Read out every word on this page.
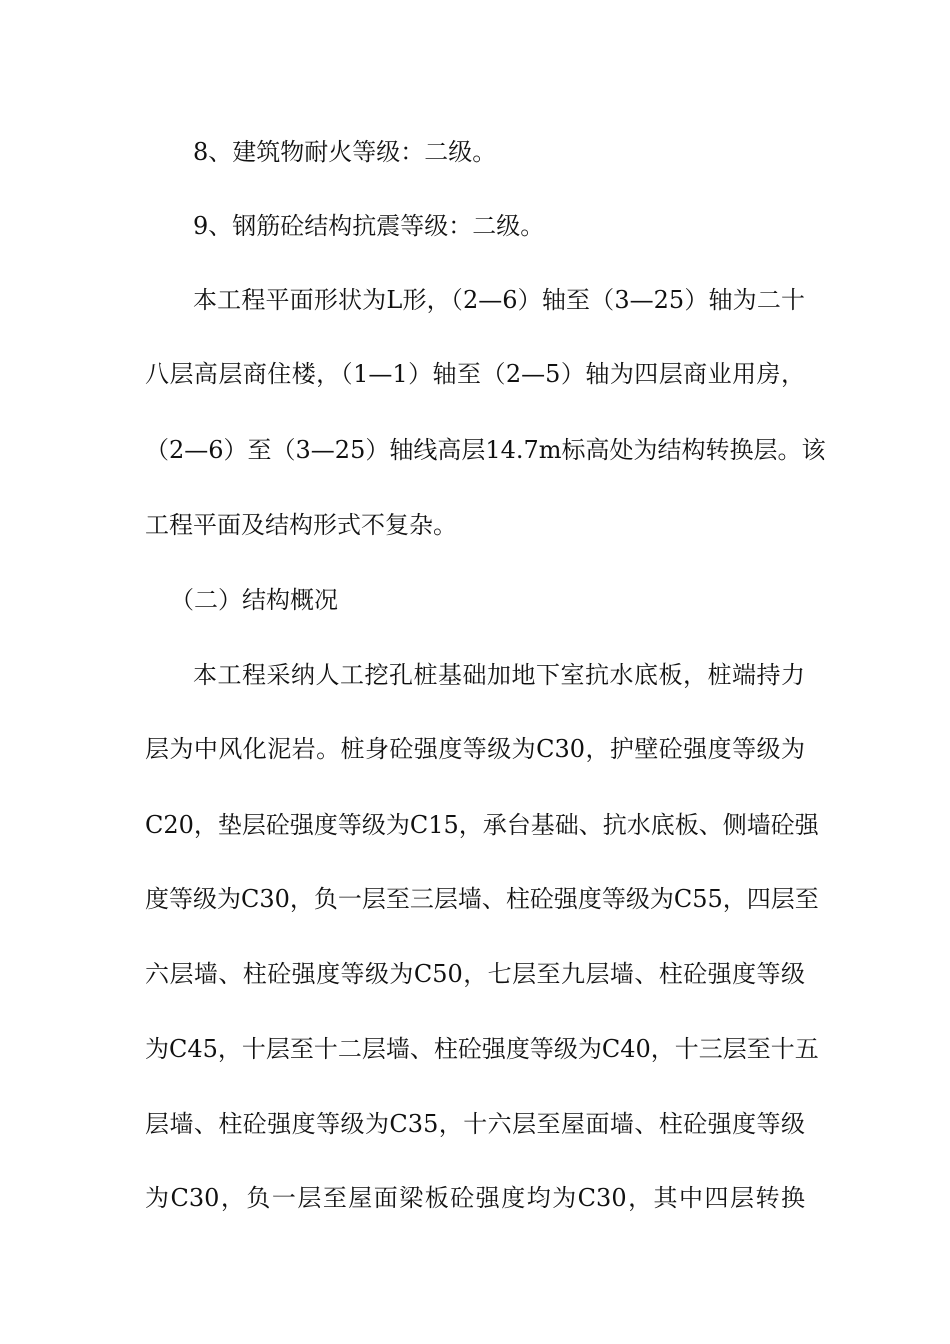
8、建筑物耐火等级：二级。
9、钢筋砼结构抗震等级：二级。
本工程平面形状为L形，（2—6）轴至（3—25）轴为二十
八层高层商住楼，（1—1）轴至（2—5）轴为四层商业用房，
（2—6）至（3—25）轴线高层14.7m标高处为结构转换层。该
工程平面及结构形式不复杂。
（二）结构概况
本工程采纳人工挖孔桩基础加地下室抗水底板，桩端持力
层为中风化泥岩。桩身砼强度等级为C30，护壁砼强度等级为
C20，垫层砼强度等级为C15，承台基础、抗水底板、侧墙砼强
度等级为C30，负一层至三层墙、柱砼强度等级为C55，四层至
六层墙、柱砼强度等级为C50，七层至九层墙、柱砼强度等级
为C45，十层至十二层墙、柱砼强度等级为C40，十三层至十五
层墙、柱砼强度等级为C35，十六层至屋面墙、柱砼强度等级
为C30，负一层至屋面梁板砼强度均为C30，其中四层转换
